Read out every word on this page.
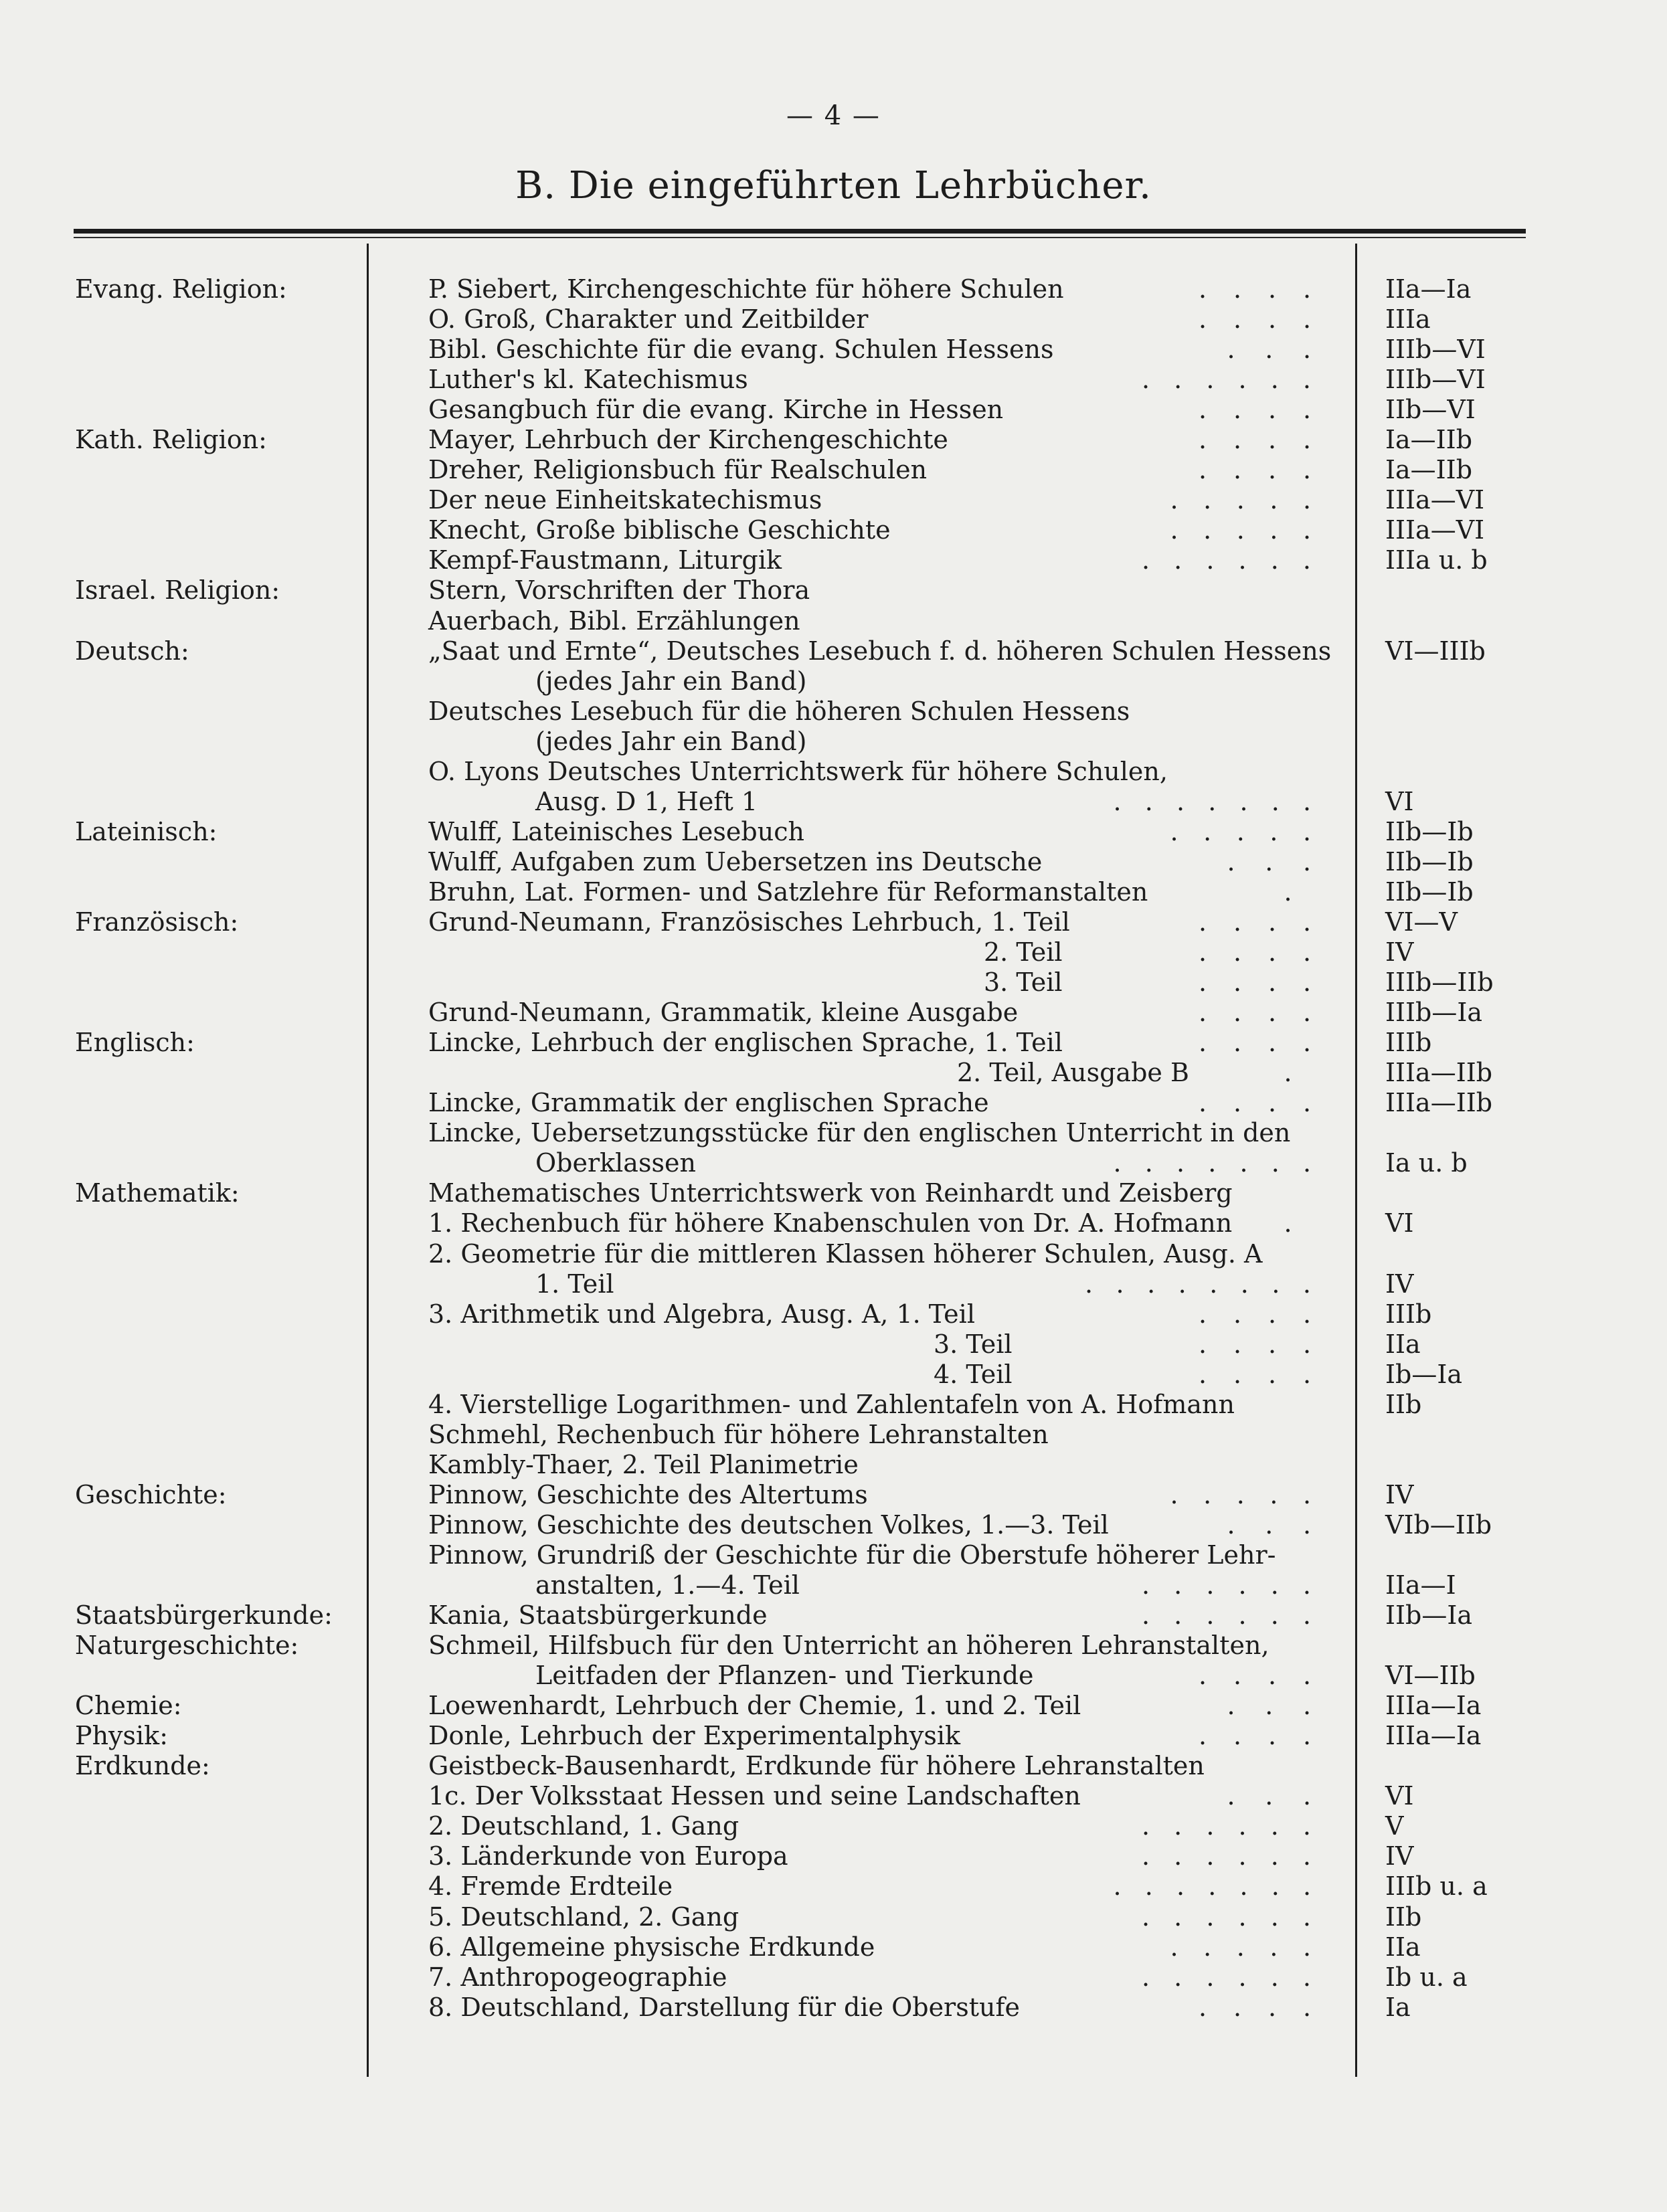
— 4 —
B. Die eingeführten Lehrbücher.
Evang. Religion:	P. Siebert, Kirchengeschichte für höhere Schulen	. . . .	IIa—Ia
O. Groß, Charakter und Zeitbilder	. . . .	IIIa
Bibl. Geschichte für die evang. Schulen Hessens	. . .	IIIb—VI
Luther's kl. Katechismus	. . . . . .	IIIb—VI
Gesangbuch für die evang. Kirche in Hessen	. . . .	IIb—VI
Kath. Religion:	Mayer, Lehrbuch der Kirchengeschichte	. . . .	Ia—IIb
Dreher, Religionsbuch für Realschulen	. . . .	Ia—IIb
Der neue Einheitskatechismus	. . . . .	IIIa—VI
Knecht, Große biblische Geschichte	. . . . .	IIIa—VI
Kempf-Faustmann, Liturgik	. . . . . .	IIIa u. b
Israel. Religion:	Stern, Vorschriften der Thora
Auerbach, Bibl. Erzählungen
Deutsch:	„Saat und Ernte“, Deutsches Lesebuch f. d. höheren Schulen Hessens VI—IIIb
(jedes Jahr ein Band)
Deutsches Lesebuch für die höheren Schulen Hessens
(jedes Jahr ein Band)
O. Lyons Deutsches Unterrichtswerk für höhere Schulen,
Ausg. D 1, Heft 1	. . . . . . .	VI
Lateinisch:	Wulff, Lateinisches Lesebuch	. . . . .	IIb—Ib
Wulff, Aufgaben zum Uebersetzen ins Deutsche	. . .	IIb—Ib
Bruhn, Lat. Formen- und Satzlehre für Reformanstalten	.	IIb—Ib
Französisch:	Grund-Neumann, Französisches Lehrbuch, 1. Teil	. . . .	VI—V
2. Teil	. . . .	IV
3. Teil	. . . .	IIIb—IIb
Grund-Neumann, Grammatik, kleine Ausgabe	. . . .	IIIb—Ia
Englisch:	Lincke, Lehrbuch der englischen Sprache, 1. Teil	. . . .	IIIb
2. Teil, Ausgabe B	.	IIIa—IIb
Lincke, Grammatik der englischen Sprache	. . . .	IIIa—IIb
Lincke, Uebersetzungsstücke für den englischen Unterricht in den
Oberklassen	. . . . . . .	Ia u. b
Mathematik:	Mathematisches Unterrichtswerk von Reinhardt und Zeisberg
1. Rechenbuch für höhere Knabenschulen von Dr. A. Hofmann .	VI
2. Geometrie für die mittleren Klassen höherer Schulen, Ausg. A
1. Teil	. . . . . . . .	IV
3. Arithmetik und Algebra, Ausg. A, 1. Teil	. . . .	IIIb
3. Teil	. . . .	IIa
4. Teil	. . . .	Ib—Ia
4. Vierstellige Logarithmen- und Zahlentafeln von A. Hofmann	IIb
Schmehl, Rechenbuch für höhere Lehranstalten
Kambly-Thaer, 2. Teil Planimetrie
Geschichte:	Pinnow, Geschichte des Altertums	. . . . .	IV
Pinnow, Geschichte des deutschen Volkes, 1.—3. Teil	. . .	VIb—IIb
Pinnow, Grundriß der Geschichte für die Oberstufe höherer Lehr-
anstalten, 1.—4. Teil	. . . . . .	IIa—I
Staatsbürgerkunde:	Kania, Staatsbürgerkunde	. . . . . .	IIb—Ia
Naturgeschichte:	Schmeil, Hilfsbuch für den Unterricht an höheren Lehranstalten,
Leitfaden der Pflanzen- und Tierkunde	. . . .	VI—IIb
Chemie:	Loewenhardt, Lehrbuch der Chemie, 1. und 2. Teil	. . .	IIIa—Ia
Physik:	Donle, Lehrbuch der Experimentalphysik	. . . .	IIIa—Ia
Erdkunde:	Geistbeck-Bausenhardt, Erdkunde für höhere Lehranstalten
1c. Der Volksstaat Hessen und seine Landschaften	. . .	VI
2. Deutschland, 1. Gang	. . . . . .	V
3. Länderkunde von Europa	. . . . . .	IV
4. Fremde Erdteile	. . . . . . .	IIIb u. a
5. Deutschland, 2. Gang	. . . . . .	IIb
6. Allgemeine physische Erdkunde	. . . . .	IIa
7. Anthropogeographie	. . . . . .	Ib u. a
8. Deutschland, Darstellung für die Oberstufe	. . . .	Ia
